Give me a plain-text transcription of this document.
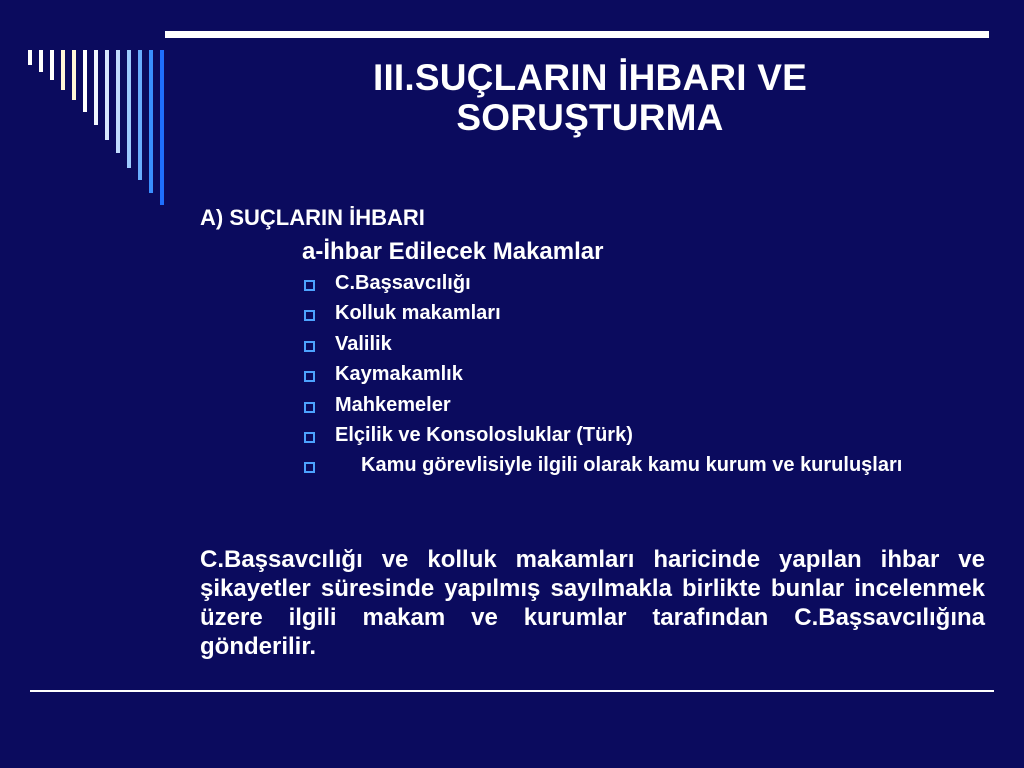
III.SUÇLARIN İHBARI VE
SORUŞTURMA
A) SUÇLARIN İHBARI
a-İhbar Edilecek Makamlar
C.Başsavcılığı
Kolluk makamları
Valilik
Kaymakamlık
Mahkemeler
Elçilik ve Konsolosluklar (Türk)
Kamu görevlisiyle ilgili olarak kamu kurum ve kuruluşları

C.Başsavcılığı ve kolluk makamları haricinde yapılan ihbar ve şikayetler süresinde yapılmış sayılmakla birlikte bunlar incelenmek üzere ilgili makam ve kurumlar tarafından C.Başsavcılığına gönderilir.
